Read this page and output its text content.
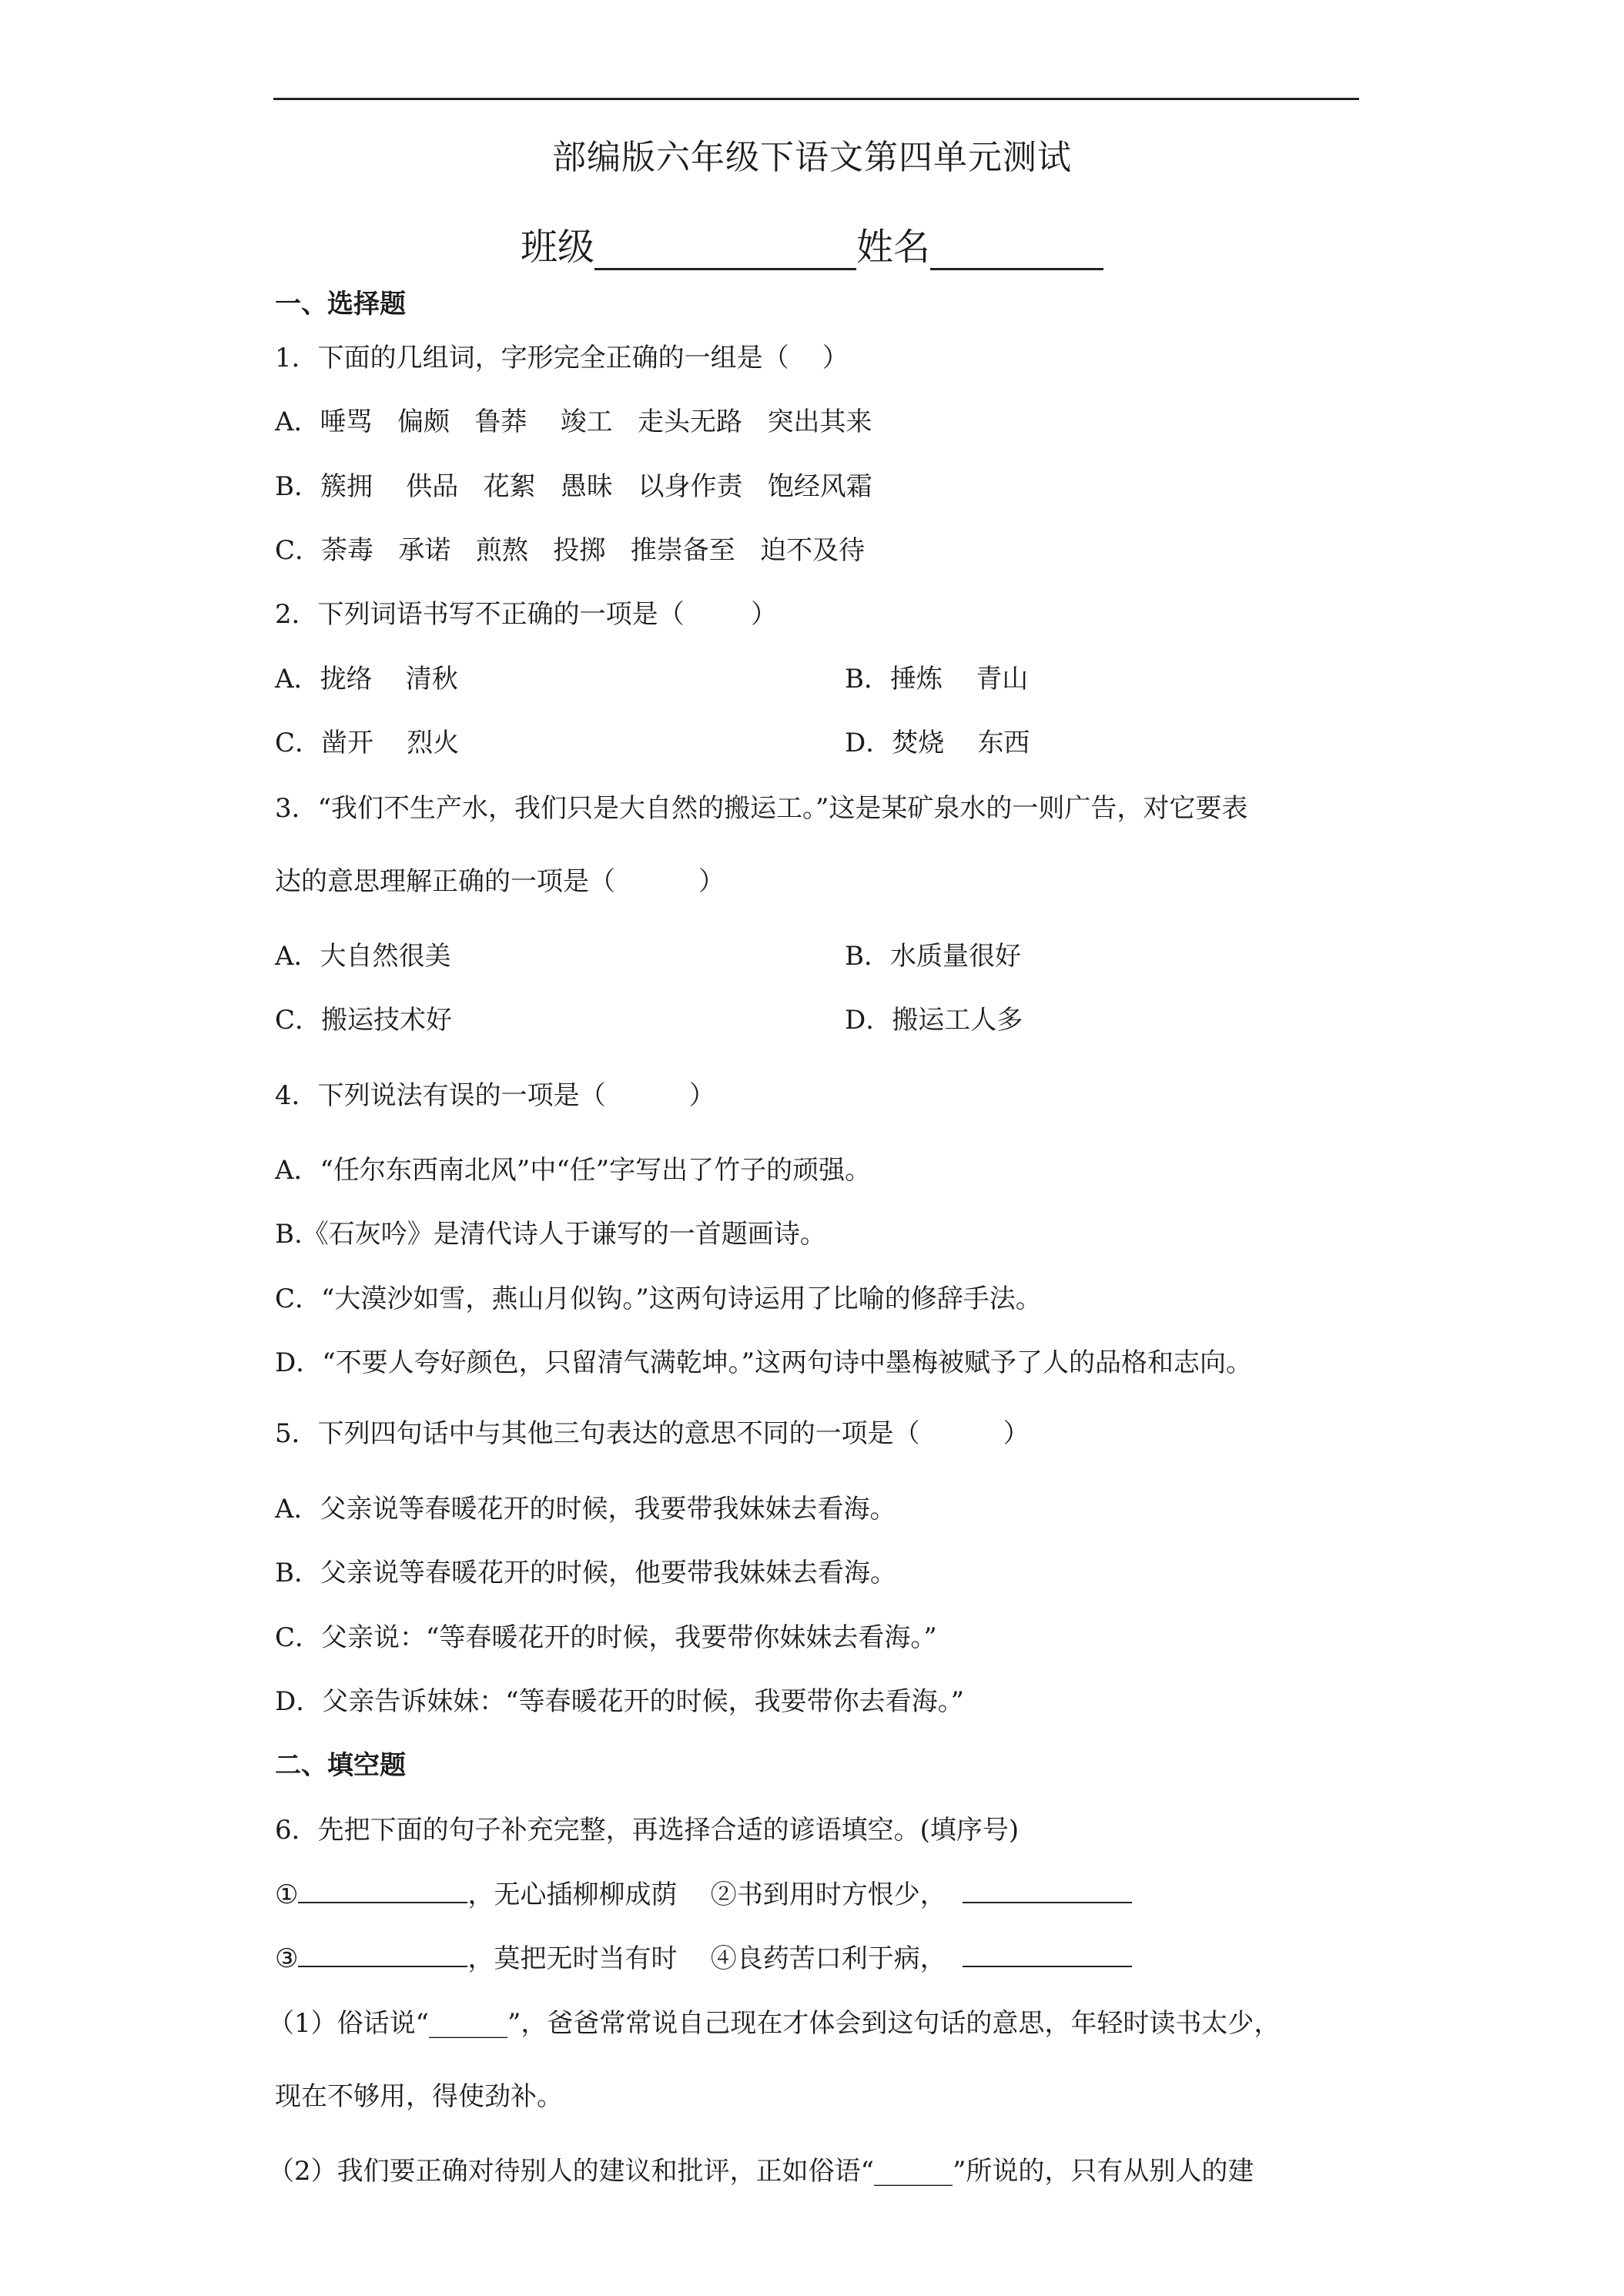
部编版六年级下语文第四单元测试
班级	姓名
一、选择题
1．下面的几组词，字形完全正确的一组是（    ）
A．唾骂   偏颇   鲁莽    竣工   走头无路   突出其来
B．簇拥    供品   花絮   愚昧   以身作责   饱经风霜
C．荼毒   承诺   煎熬   投掷   推崇备至   迫不及待
2．下列词语书写不正确的一项是（        ）
A．拢络    清秋	B．捶炼    青山
C．凿开    烈火	D．焚烧    东西
3．“我们不生产水，我们只是大自然的搬运工。”这是某矿泉水的一则广告，对它要表
达的意思理解正确的一项是（          ）
A．大自然很美	B．水质量很好
C．搬运技术好	D．搬运工人多
4．下列说法有误的一项是（          ）
A．“任尔东西南北风”中“任”字写出了竹子的顽强。
B.《石灰吟》是清代诗人于谦写的一首题画诗。
C．“大漠沙如雪，燕山月似钩。”这两句诗运用了比喻的修辞手法。
D．“不要人夸好颜色，只留清气满乾坤。”这两句诗中墨梅被赋予了人的品格和志向。
5．下列四句话中与其他三句表达的意思不同的一项是（          ）
A．父亲说等春暖花开的时候，我要带我妹妹去看海。
B．父亲说等春暖花开的时候，他要带我妹妹去看海。
C．父亲说：“等春暖花开的时候，我要带你妹妹去看海。”
D．父亲告诉妹妹：“等春暖花开的时候，我要带你去看海。”
二、填空题
6．先把下面的句子补充完整，再选择合适的谚语填空。(填序号)
①	，无心插柳柳成荫    ②书到用时方恨少，
③	，莫把无时当有时    ④良药苦口利于病，
（1）俗话说“______”，爸爸常常说自己现在才体会到这句话的意思，年轻时读书太少，
现在不够用，得使劲补。
（2）我们要正确对待别人的建议和批评，正如俗语“______”所说的，只有从别人的建
